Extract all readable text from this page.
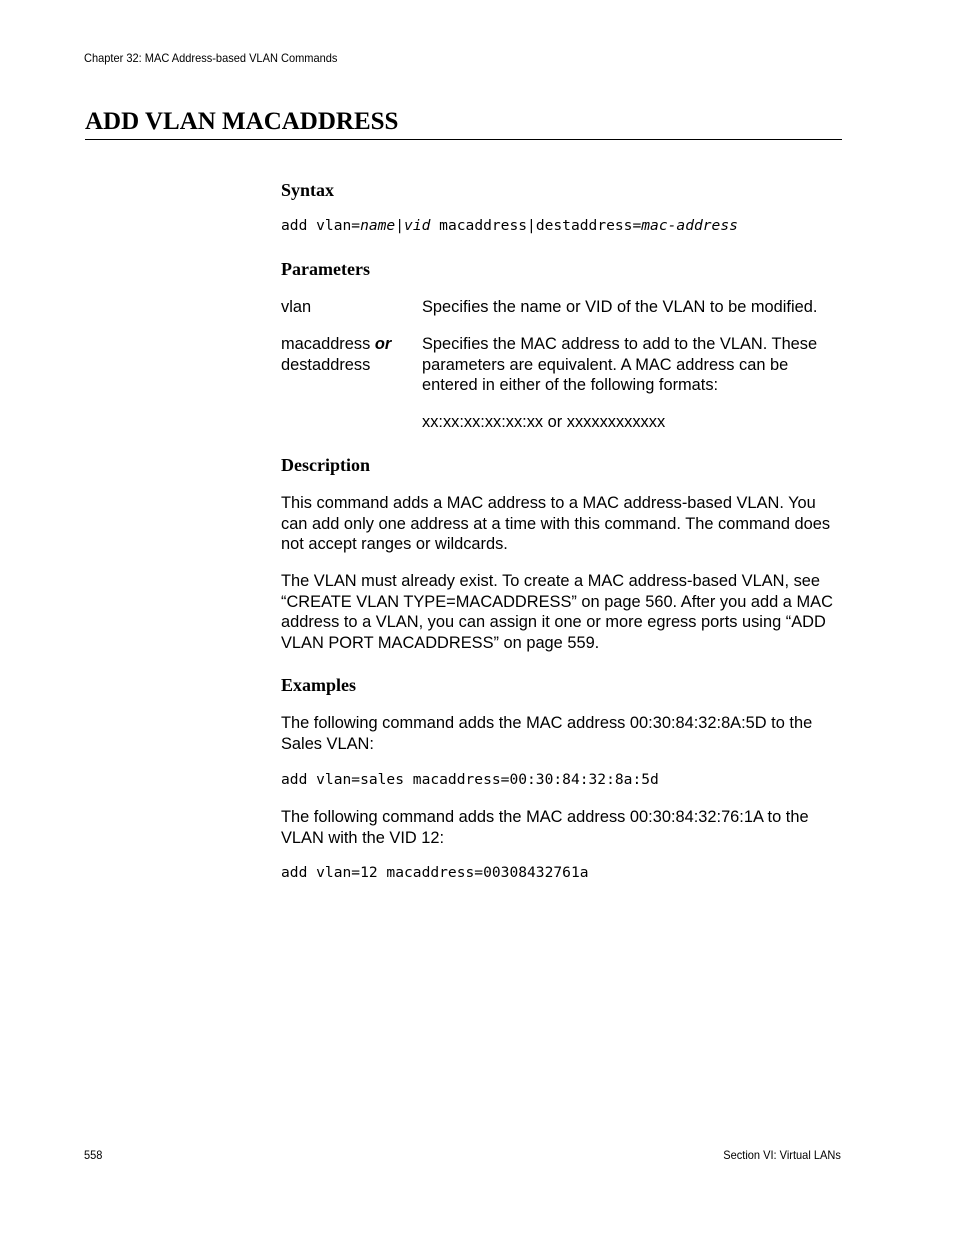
Chapter 32: MAC Address-based VLAN Commands
ADD VLAN MACADDRESS
Syntax
add vlan=name|vid macaddress|destaddress=mac-address
Parameters
vlan	Specifies the name or VID of the VLAN to be modified.
macaddress or
destaddress
Specifies the MAC address to add to the VLAN. These parameters are equivalent. A MAC address can be entered in either of the following formats:
xx:xx:xx:xx:xx:xx or xxxxxxxxxxxx
Description

This command adds a MAC address to a MAC address-based VLAN. You can add only one address at a time with this command. The command does not accept ranges or wildcards.

The VLAN must already exist. To create a MAC address-based VLAN, see “CREATE VLAN TYPE=MACADDRESS” on page 560. After you add a MAC address to a VLAN, you can assign it one or more egress ports using “ADD VLAN PORT MACADDRESS” on page 559.

Examples

The following command adds the MAC address 00:30:84:32:8A:5D to the Sales VLAN:

add vlan=sales macaddress=00:30:84:32:8a:5d

The following command adds the MAC address 00:30:84:32:76:1A to the VLAN with the VID 12:

add vlan=12 macaddress=00308432761a
558	Section VI: Virtual LANs
